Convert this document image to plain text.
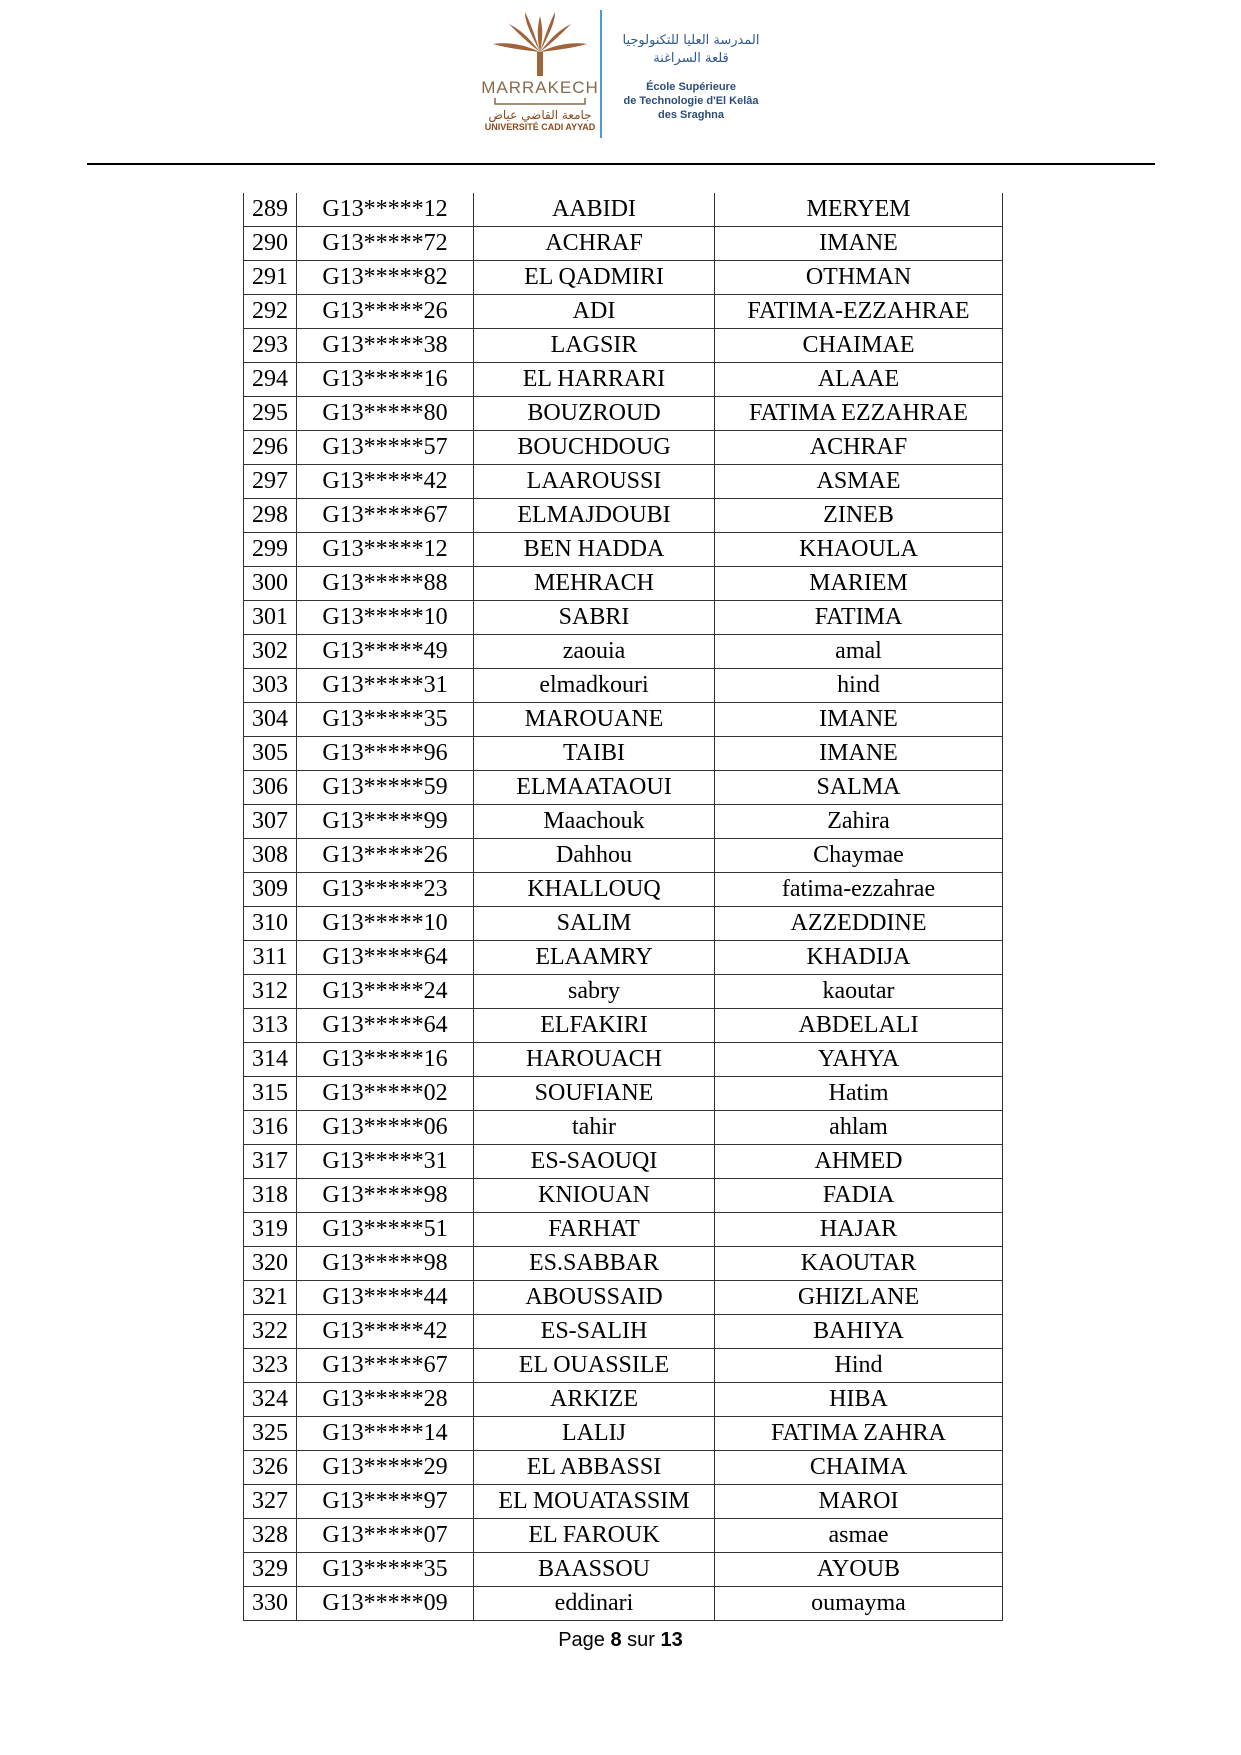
MARRAKECH
جامعة القاضي عياض
UNIVERSITÉ CADI AYYAD
المدرسة العليا للتكنولوجيا
قلعة السراغنة
École Supérieure
de Technologie d'El Kelâa
des Sraghna
289	G13*****12	AABIDI	MERYEM
290	G13*****72	ACHRAF	IMANE
291	G13*****82	EL QADMIRI	OTHMAN
292	G13*****26	ADI	FATIMA-EZZAHRAE
293	G13*****38	LAGSIR	CHAIMAE
294	G13*****16	EL HARRARI	ALAAE
295	G13*****80	BOUZROUD	FATIMA EZZAHRAE
296	G13*****57	BOUCHDOUG	ACHRAF
297	G13*****42	LAAROUSSI	ASMAE
298	G13*****67	ELMAJDOUBI	ZINEB
299	G13*****12	BEN HADDA	KHAOULA
300	G13*****88	MEHRACH	MARIEM
301	G13*****10	SABRI	FATIMA
302	G13*****49	zaouia	amal
303	G13*****31	elmadkouri	hind
304	G13*****35	MAROUANE	IMANE
305	G13*****96	TAIBI	IMANE
306	G13*****59	ELMAATAOUI	SALMA
307	G13*****99	Maachouk	Zahira
308	G13*****26	Dahhou	Chaymae
309	G13*****23	KHALLOUQ	fatima-ezzahrae
310	G13*****10	SALIM	AZZEDDINE
311	G13*****64	ELAAMRY	KHADIJA
312	G13*****24	sabry	kaoutar
313	G13*****64	ELFAKIRI	ABDELALI
314	G13*****16	HAROUACH	YAHYA
315	G13*****02	SOUFIANE	Hatim
316	G13*****06	tahir	ahlam
317	G13*****31	ES-SAOUQI	AHMED
318	G13*****98	KNIOUAN	FADIA
319	G13*****51	FARHAT	HAJAR
320	G13*****98	ES.SABBAR	KAOUTAR
321	G13*****44	ABOUSSAID	GHIZLANE
322	G13*****42	ES-SALIH	BAHIYA
323	G13*****67	EL OUASSILE	Hind
324	G13*****28	ARKIZE	HIBA
325	G13*****14	LALIJ	FATIMA ZAHRA
326	G13*****29	EL ABBASSI	CHAIMA
327	G13*****97	EL MOUATASSIM	MAROI
328	G13*****07	EL FAROUK	asmae
329	G13*****35	BAASSOU	AYOUB
330	G13*****09	eddinari	oumayma
Page 8 sur 13
